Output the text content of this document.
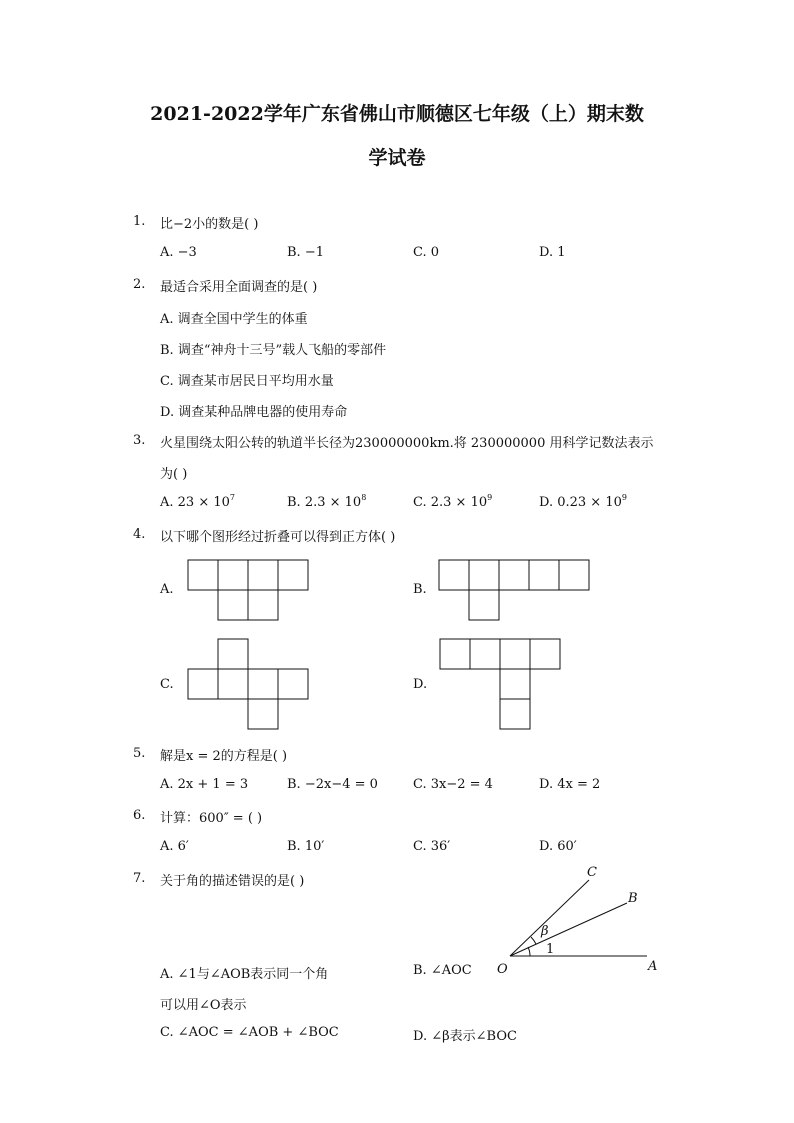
2021-2022学年广东省佛山市顺德区七年级（上）期末数
学试卷
1. 比−2小的数是( )
A. −3	B. −1	C. 0	D. 1
2. 最适合采用全面调查的是( )
A. 调查全国中学生的体重
B. 调查“神舟十三号”载人飞船的零部件
C. 调查某市居民日平均用水量
D. 调查某种品牌电器的使用寿命
3. 火星围绕太阳公转的轨道半长径为230000000km.将 230000000 用科学记数法表示
为( )
A. $23 \times 10^7$	B. $2.3 \times 10^8$	C. $2.3 \times 10^9$	D. $0.23 \times 10^9$
4. 以下哪个图形经过折叠可以得到正方体( )
A.	B.
C.	D.
5. 解是x = 2的方程是( )
A. 2x + 1 = 3	B. −2x−4 = 0	C. 3x−2 = 4	D. 4x = 2
6. 计算：600″ = ( )
A. 6′	B. 10′	C. 36′	D. 60′
7. 关于角的描述错误的是( )
O	A
B
C
β
1
A. ∠1与∠AOB表示同一个角
可以用∠O表示
B. ∠AOC
C. ∠AOC = ∠AOB + ∠BOC	D. ∠β表示∠BOC
